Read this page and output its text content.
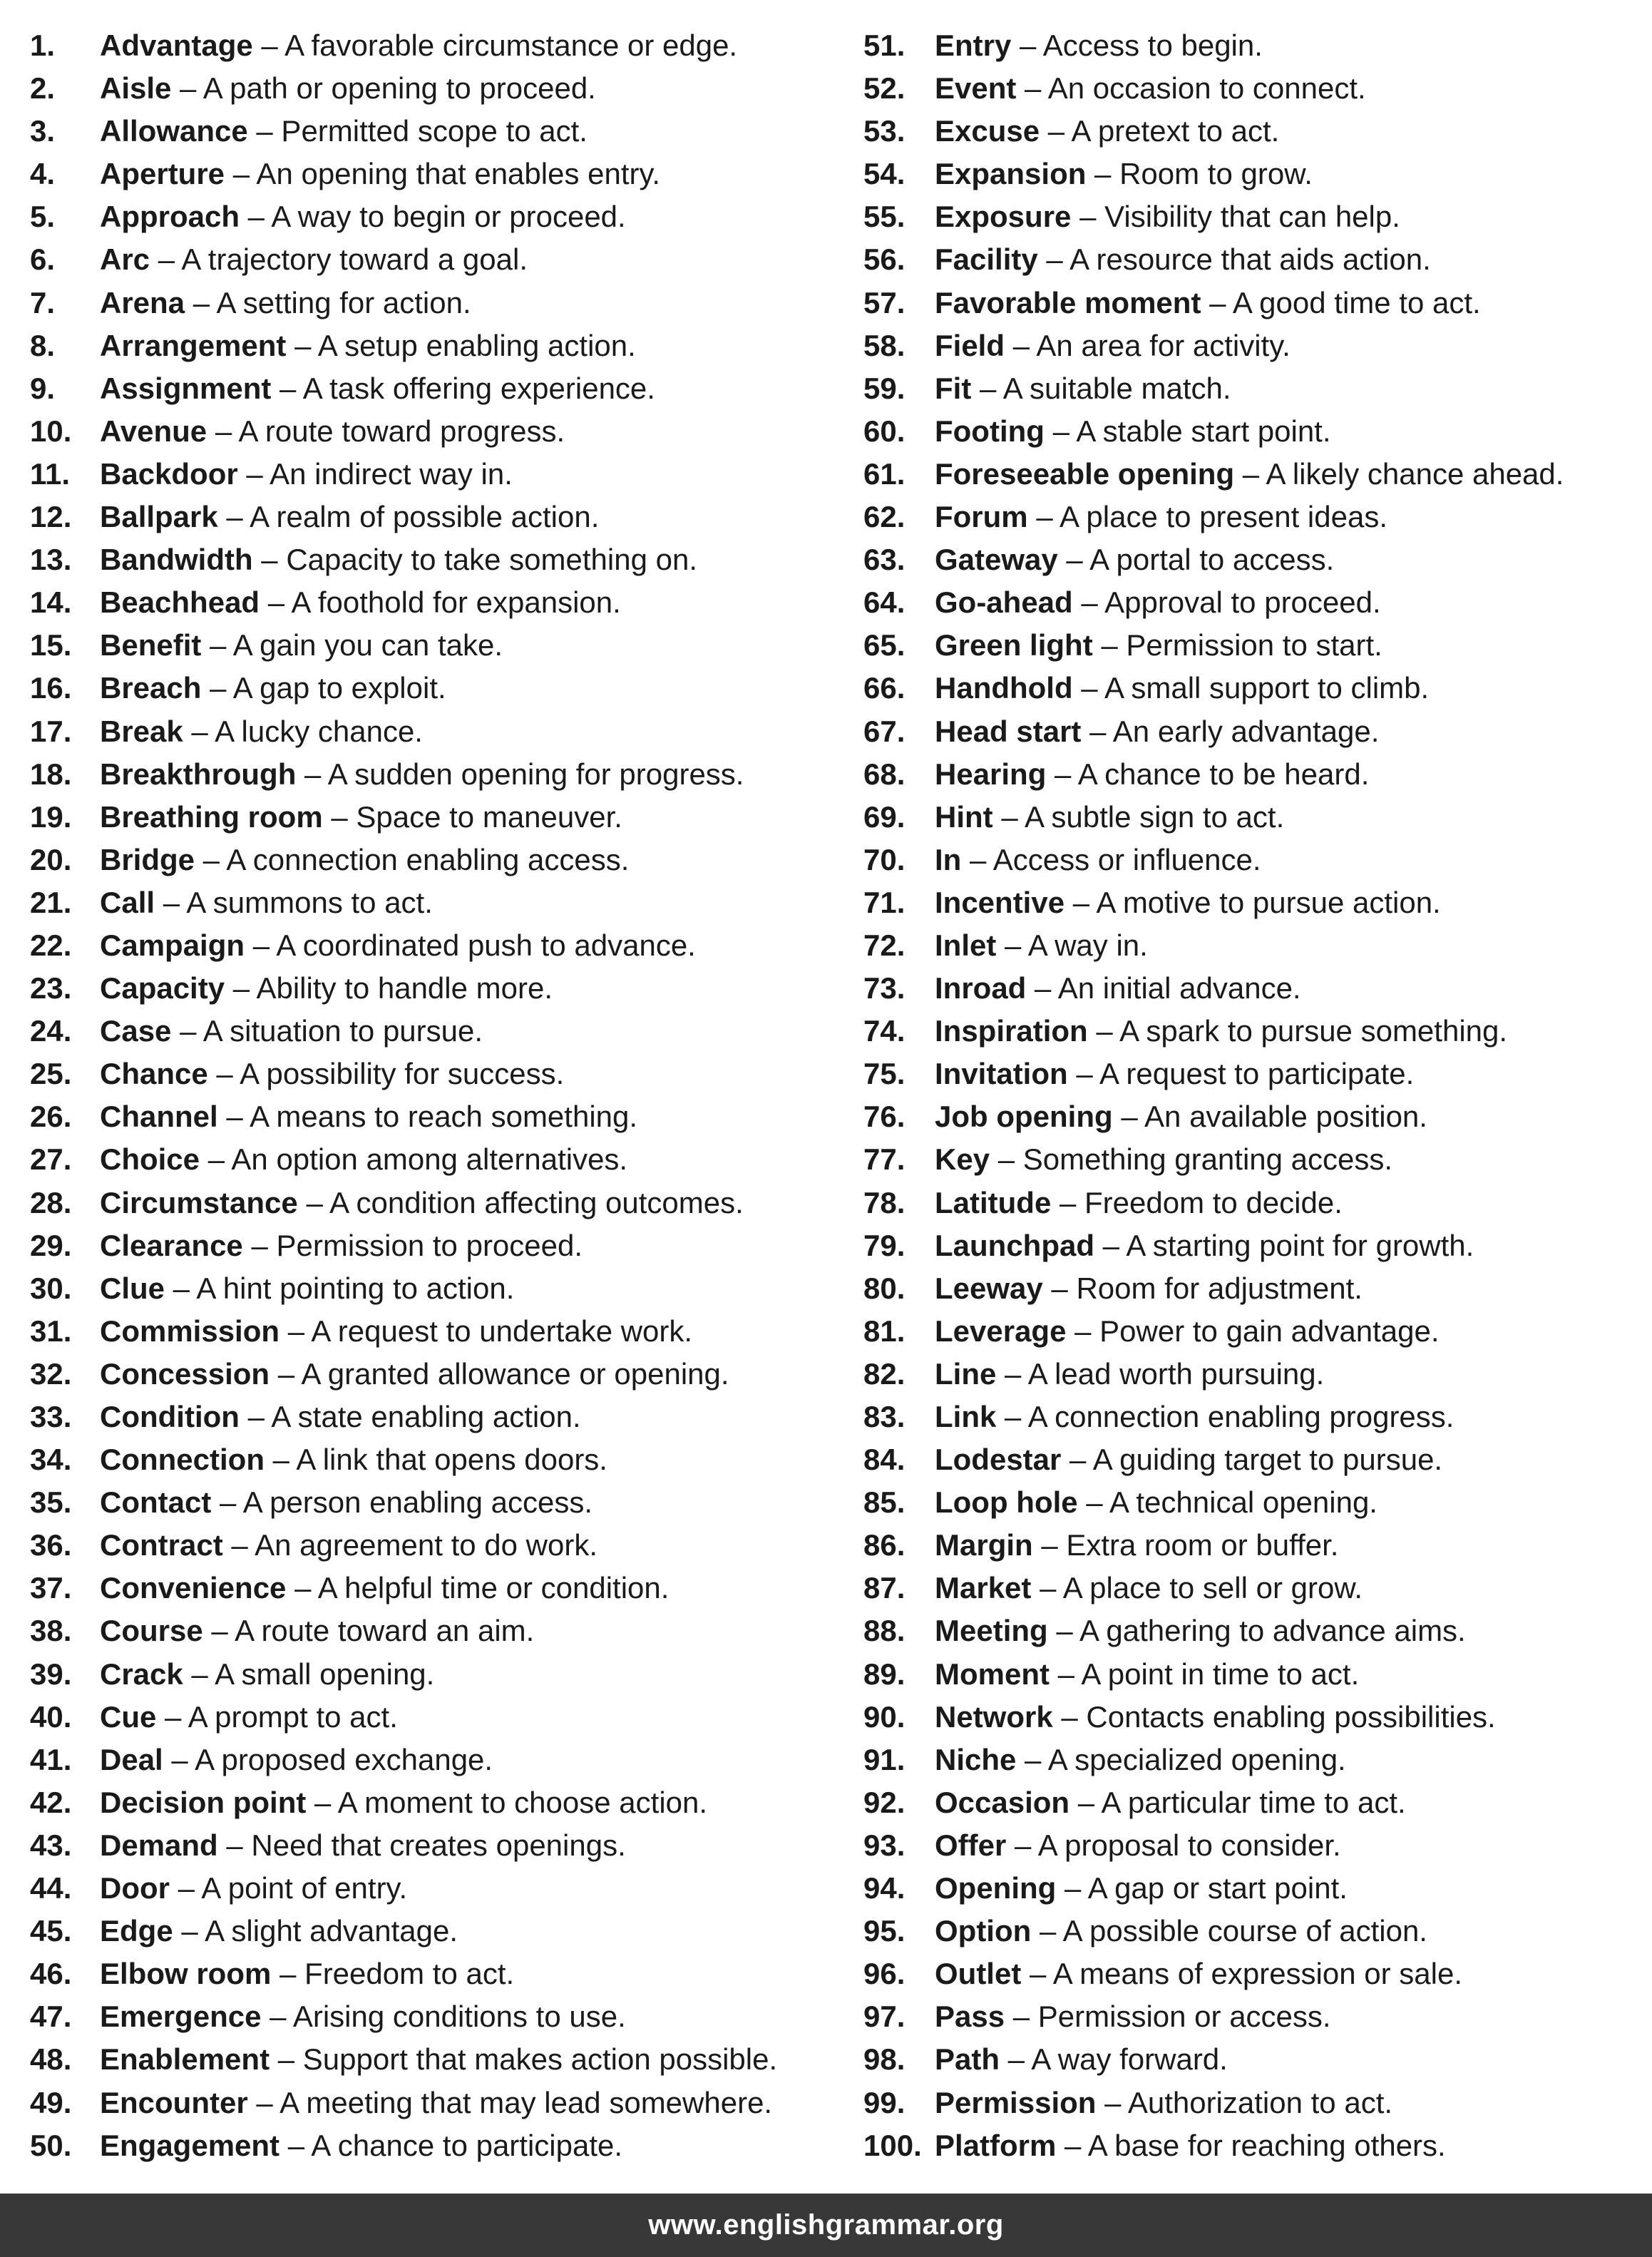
1. Advantage – A favorable circumstance or edge.
2. Aisle – A path or opening to proceed.
3. Allowance – Permitted scope to act.
4. Aperture – An opening that enables entry.
5. Approach – A way to begin or proceed.
6. Arc – A trajectory toward a goal.
7. Arena – A setting for action.
8. Arrangement – A setup enabling action.
9. Assignment – A task offering experience.
10. Avenue – A route toward progress.
11. Backdoor – An indirect way in.
12. Ballpark – A realm of possible action.
13. Bandwidth – Capacity to take something on.
14. Beachhead – A foothold for expansion.
15. Benefit – A gain you can take.
16. Breach – A gap to exploit.
17. Break – A lucky chance.
18. Breakthrough – A sudden opening for progress.
19. Breathing room – Space to maneuver.
20. Bridge – A connection enabling access.
21. Call – A summons to act.
22. Campaign – A coordinated push to advance.
23. Capacity – Ability to handle more.
24. Case – A situation to pursue.
25. Chance – A possibility for success.
26. Channel – A means to reach something.
27. Choice – An option among alternatives.
28. Circumstance – A condition affecting outcomes.
29. Clearance – Permission to proceed.
30. Clue – A hint pointing to action.
31. Commission – A request to undertake work.
32. Concession – A granted allowance or opening.
33. Condition – A state enabling action.
34. Connection – A link that opens doors.
35. Contact – A person enabling access.
36. Contract – An agreement to do work.
37. Convenience – A helpful time or condition.
38. Course – A route toward an aim.
39. Crack – A small opening.
40. Cue – A prompt to act.
41. Deal – A proposed exchange.
42. Decision point – A moment to choose action.
43. Demand – Need that creates openings.
44. Door – A point of entry.
45. Edge – A slight advantage.
46. Elbow room – Freedom to act.
47. Emergence – Arising conditions to use.
48. Enablement – Support that makes action possible.
49. Encounter – A meeting that may lead somewhere.
50. Engagement – A chance to participate.
51. Entry – Access to begin.
52. Event – An occasion to connect.
53. Excuse – A pretext to act.
54. Expansion – Room to grow.
55. Exposure – Visibility that can help.
56. Facility – A resource that aids action.
57. Favorable moment – A good time to act.
58. Field – An area for activity.
59. Fit – A suitable match.
60. Footing – A stable start point.
61. Foreseeable opening – A likely chance ahead.
62. Forum – A place to present ideas.
63. Gateway – A portal to access.
64. Go-ahead – Approval to proceed.
65. Green light – Permission to start.
66. Handhold – A small support to climb.
67. Head start – An early advantage.
68. Hearing – A chance to be heard.
69. Hint – A subtle sign to act.
70. In – Access or influence.
71. Incentive – A motive to pursue action.
72. Inlet – A way in.
73. Inroad – An initial advance.
74. Inspiration – A spark to pursue something.
75. Invitation – A request to participate.
76. Job opening – An available position.
77. Key – Something granting access.
78. Latitude – Freedom to decide.
79. Launchpad – A starting point for growth.
80. Leeway – Room for adjustment.
81. Leverage – Power to gain advantage.
82. Line – A lead worth pursuing.
83. Link – A connection enabling progress.
84. Lodestar – A guiding target to pursue.
85. Loop hole – A technical opening.
86. Margin – Extra room or buffer.
87. Market – A place to sell or grow.
88. Meeting – A gathering to advance aims.
89. Moment – A point in time to act.
90. Network – Contacts enabling possibilities.
91. Niche – A specialized opening.
92. Occasion – A particular time to act.
93. Offer – A proposal to consider.
94. Opening – A gap or start point.
95. Option – A possible course of action.
96. Outlet – A means of expression or sale.
97. Pass – Permission or access.
98. Path – A way forward.
99. Permission – Authorization to act.
100. Platform – A base for reaching others.
www.englishgrammar.org
